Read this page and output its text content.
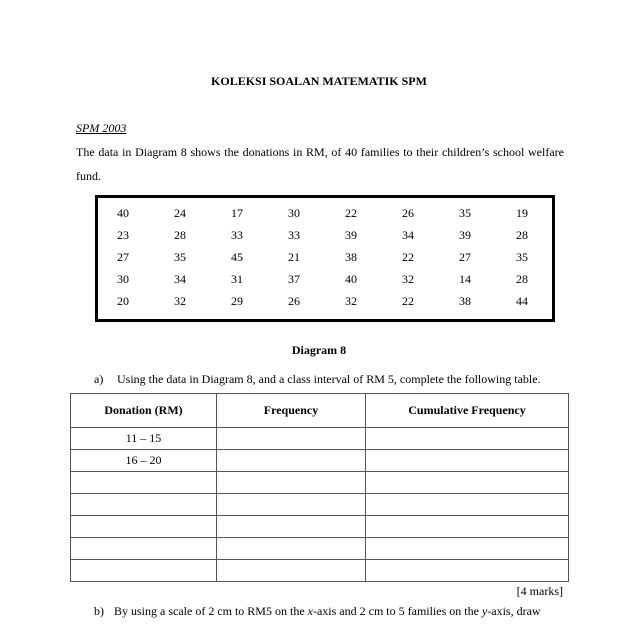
KOLEKSI SOALAN MATEMATIK SPM
SPM 2003
The data in Diagram 8 shows the donations in RM, of 40 families to their children’s school welfare fund.
40	24	17	30	22	26	35	19
23	28	33	33	39	34	39	28
27	35	45	21	38	22	27	35
30	34	31	37	40	32	14	28
20	32	29	26	32	22	38	44
Diagram 8
a) Using the data in Diagram 8, and a class interval of RM 5, complete the following table.
Donation (RM)	Frequency	Cumulative Frequency
11 – 15		
16 – 20		

[4 marks]
b) By using a scale of 2 cm to RM5 on the x-axis and 2 cm to 5 families on the y-axis, draw
